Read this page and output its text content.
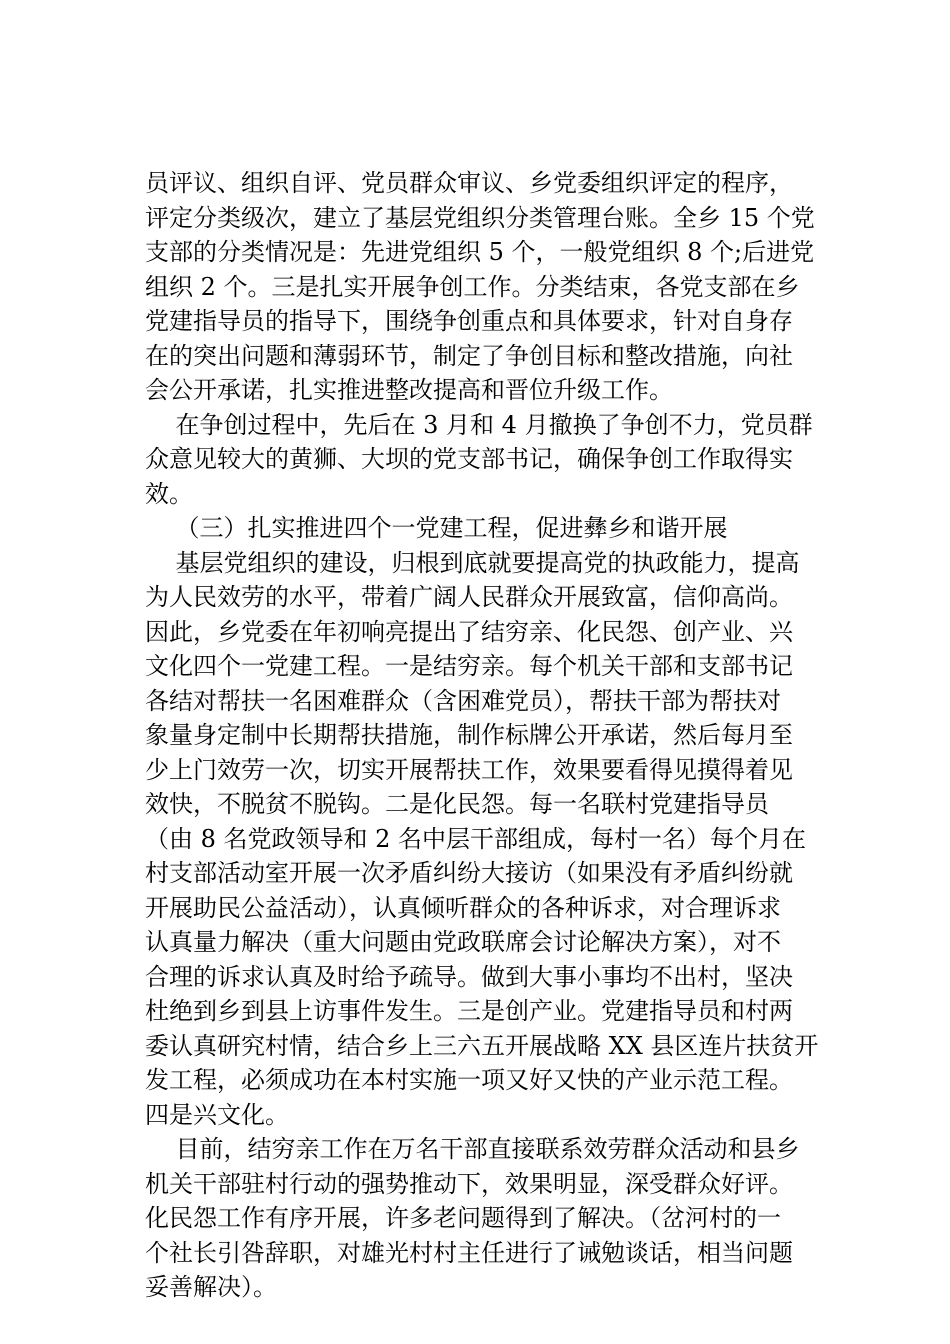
员评议、组织自评、党员群众审议、乡党委组织评定的程序，
评定分类级次，建立了基层党组织分类管理台账。全乡 15 个党
支部的分类情况是：先进党组织 5 个，一般党组织 8 个;后进党
组织 2 个。三是扎实开展争创工作。分类结束，各党支部在乡
党建指导员的指导下，围绕争创重点和具体要求，针对自身存
在的突出问题和薄弱环节，制定了争创目标和整改措施，向社
会公开承诺，扎实推进整改提高和晋位升级工作。
在争创过程中，先后在 3 月和 4 月撤换了争创不力，党员群
众意见较大的黄狮、大坝的党支部书记，确保争创工作取得实
效。
（三）扎实推进四个一党建工程，促进彝乡和谐开展
基层党组织的建设，归根到底就要提高党的执政能力，提高
为人民效劳的水平，带着广阔人民群众开展致富，信仰高尚。
因此，乡党委在年初响亮提出了结穷亲、化民怨、创产业、兴
文化四个一党建工程。一是结穷亲。每个机关干部和支部书记
各结对帮扶一名困难群众（含困难党员），帮扶干部为帮扶对
象量身定制中长期帮扶措施，制作标牌公开承诺，然后每月至
少上门效劳一次，切实开展帮扶工作，效果要看得见摸得着见
效快，不脱贫不脱钩。二是化民怨。每一名联村党建指导员
（由 8 名党政领导和 2 名中层干部组成，每村一名）每个月在
村支部活动室开展一次矛盾纠纷大接访（如果没有矛盾纠纷就
开展助民公益活动），认真倾听群众的各种诉求，对合理诉求
认真量力解决（重大问题由党政联席会讨论解决方案），对不
合理的诉求认真及时给予疏导。做到大事小事均不出村，坚决
杜绝到乡到县上访事件发生。三是创产业。党建指导员和村两
委认真研究村情，结合乡上三六五开展战略 XX 县区连片扶贫开
发工程，必须成功在本村实施一项又好又快的产业示范工程。
四是兴文化。
目前，结穷亲工作在万名干部直接联系效劳群众活动和县乡
机关干部驻村行动的强势推动下，效果明显，深受群众好评。
化民怨工作有序开展，许多老问题得到了解决。（岔河村的一
个社长引咎辞职，对雄光村村主任进行了诫勉谈话，相当问题
妥善解决）。
